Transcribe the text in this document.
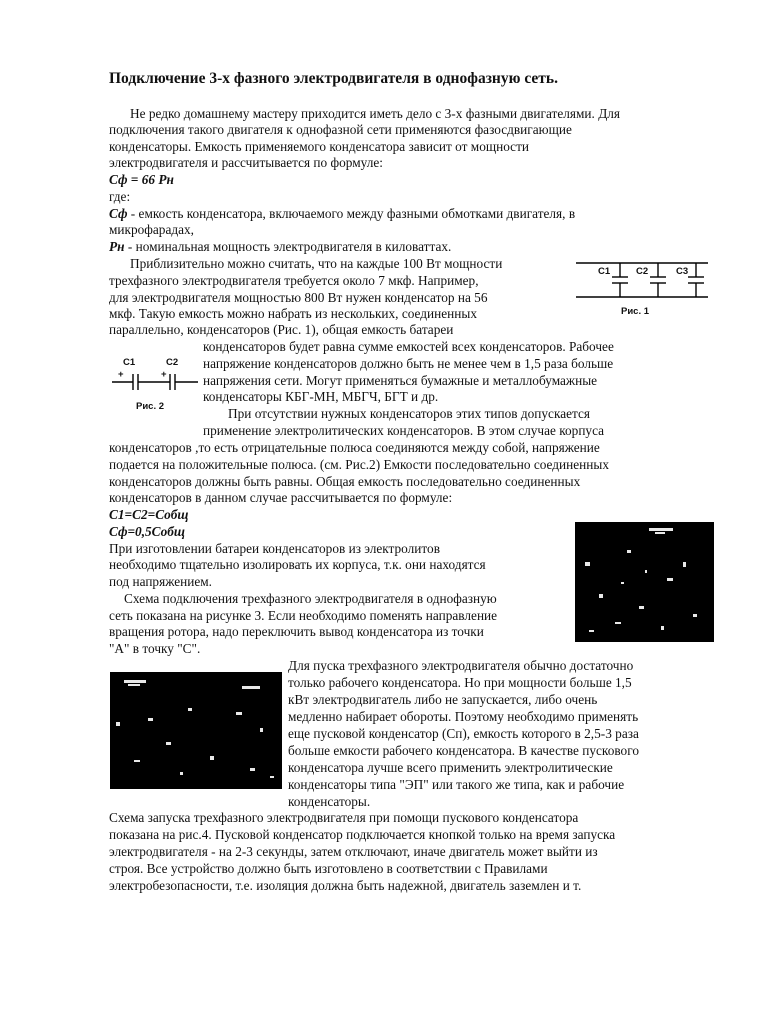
Подключение 3-х фазного электродвигателя в однофазную сеть.

Не редко домашнему мастеру приходится иметь дело с 3-х фазными двигателями. Для

подключения такого двигателя к однофазной сети применяются фазосдвигающие

конденсаторы. Емкость применяемого конденсатора зависит от мощности

электродвигателя и рассчитывается по формуле:

Сф = 66 Рн

где:

Сф - емкость конденсатора, включаемого между фазными обмотками двигателя, в

микрофарадах,

Рн - номинальная мощность электродвигателя в киловаттах.

Приблизительно можно считать, что на каждые 100 Вт мощности

трехфазного электродвигателя требуется около 7 мкф. Например,

для электродвигателя мощностью 800 Вт нужен конденсатор на 56

мкф. Такую емкость можно набрать из нескольких, соединенных

параллельно, конденсаторов (Рис. 1), общая емкость батареи

конденсаторов будет равна сумме емкостей всех конденсаторов. Рабочее

напряжение конденсаторов должно быть не менее чем в 1,5 раза больше

напряжения сети. Могут применяться бумажные и металлобумажные

конденсаторы КБГ-МН, МБГЧ, БГТ и др.

При отсутствии нужных конденсаторов этих типов допускается

применение электролитических конденсаторов. В этом случае корпуса

конденсаторов ,то есть отрицательные полюса соединяются между собой, напряжение

подается на положительные полюса. (см. Рис.2) Емкости последовательно соединенных

конденсаторов должны быть равны. Общая емкость последовательно соединенных

конденсаторов в данном случае рассчитывается по формуле:

С1=С2=Собщ

Сф=0,5Собщ

При изготовлении батареи конденсаторов из электролитов

необходимо тщательно изолировать их корпуса, т.к. они находятся

под напряжением.

Схема подключения трехфазного электродвигателя в однофазную

сеть показана на рисунке 3. Если необходимо поменять направление

вращения ротора, надо переключить вывод конденсатора из точки

"А" в точку "С".

Для пуска трехфазного электродвигателя обычно достаточно

только рабочего конденсатора. Но при мощности больше 1,5

кВт электродвигатель либо не запускается, либо очень

медленно набирает обороты. Поэтому необходимо применять

еще пусковой конденсатор (Сп), емкость которого в 2,5-3 раза

больше емкости рабочего конденсатора. В качестве пускового

конденсатора лучше всего применить электролитические

конденсаторы типа "ЭП" или такого же типа, как и рабочие

конденсаторы.

Схема запуска трехфазного электродвигателя при помощи пускового конденсатора

показана на рис.4. Пусковой конденсатор подключается кнопкой только на время запуска

электродвигателя - на 2-3 секунды, затем отключают, иначе двигатель может выйти из

строя. Все устройство должно быть изготовлено в соответствии с Правилами

электробезопасности, т.е. изоляция должна быть надежной, двигатель заземлен и т.

C1	C2	C3
Рис. 1
C1	C2
+	+
Рис. 2
